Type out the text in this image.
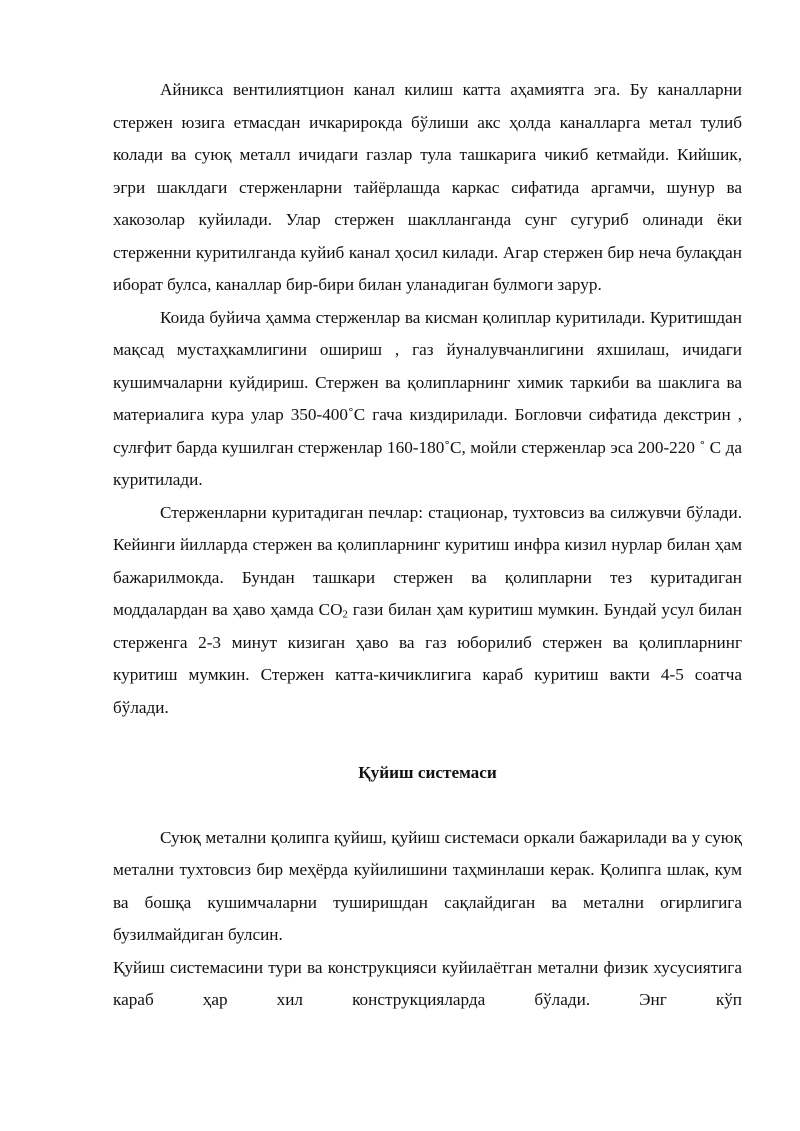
Айникса вентилиятцион канал килиш катта аҳамиятга эга. Бу каналларни стержен юзига етмасдан ичкарирокда бўлиши акс ҳолда каналларга метал тулиб колади ва суюқ металл ичидаги газлар тула ташкарига чикиб кетмайди. Кийшик, эгри шаклдаги стерженларни тайёрлашда каркас сифатида аргамчи, шунур ва хакозолар куйилади. Улар стержен шаклланганда сунг сугуриб олинади ёки стерженни куритилганда куйиб канал ҳосил килади. Агар стержен бир неча булақдан иборат булса, каналлар бир-бири билан уланадиган булмоги зарур.

Коида буйича ҳамма стерженлар ва кисман қолиплар куритилади. Куритишдан мақсад мустаҳкамлигини ошириш , газ йуналувчанлигини яхшилаш, ичидаги кушимчаларни куйдириш. Стержен ва қолипларнинг химик таркиби ва шаклига ва материалига кура улар 350-400˚С гача киздирилади. Богловчи сифатида декстрин , сулғфит барда кушилган стерженлар 160-180˚С, мойли стерженлар эса 200-220 ˚ С да куритилади.

Стерженларни куритадиган печлар: стационар, тухтовсиз ва силжувчи бўлади. Кейинги йилларда стержен ва қолипларнинг куритиш инфра кизил нурлар билан ҳам бажарилмокда. Бундан ташкари стержен ва қолипларни тез куритадиган моддалардан ва ҳаво ҳамда $СО_2$ гази билан ҳам куритиш мумкин. Бундай усул билан стерженга 2-3 минут кизиган ҳаво ва газ юборилиб стержен ва қолипларнинг куритиш мумкин. Стержен катта-кичиклигига караб куритиш вакти 4-5 соатча бўлади.

Қуйиш системаси

Суюқ метални қолипга қуйиш, қуйиш системаси оркали бажарилади ва у суюқ метални тухтовсиз бир меҳёрда куйилишини таҳминлаши керак. Қолипга шлак, кум ва бошқа кушимчаларни туширишдан сақлайдиган ва метални огирлигига бузилмайдиган булсин.

Қуйиш системасини тури ва конструкцияси куйилаётган метални физик хусусиятига караб ҳар хил конструкцияларда бўлади. Энг кўп
